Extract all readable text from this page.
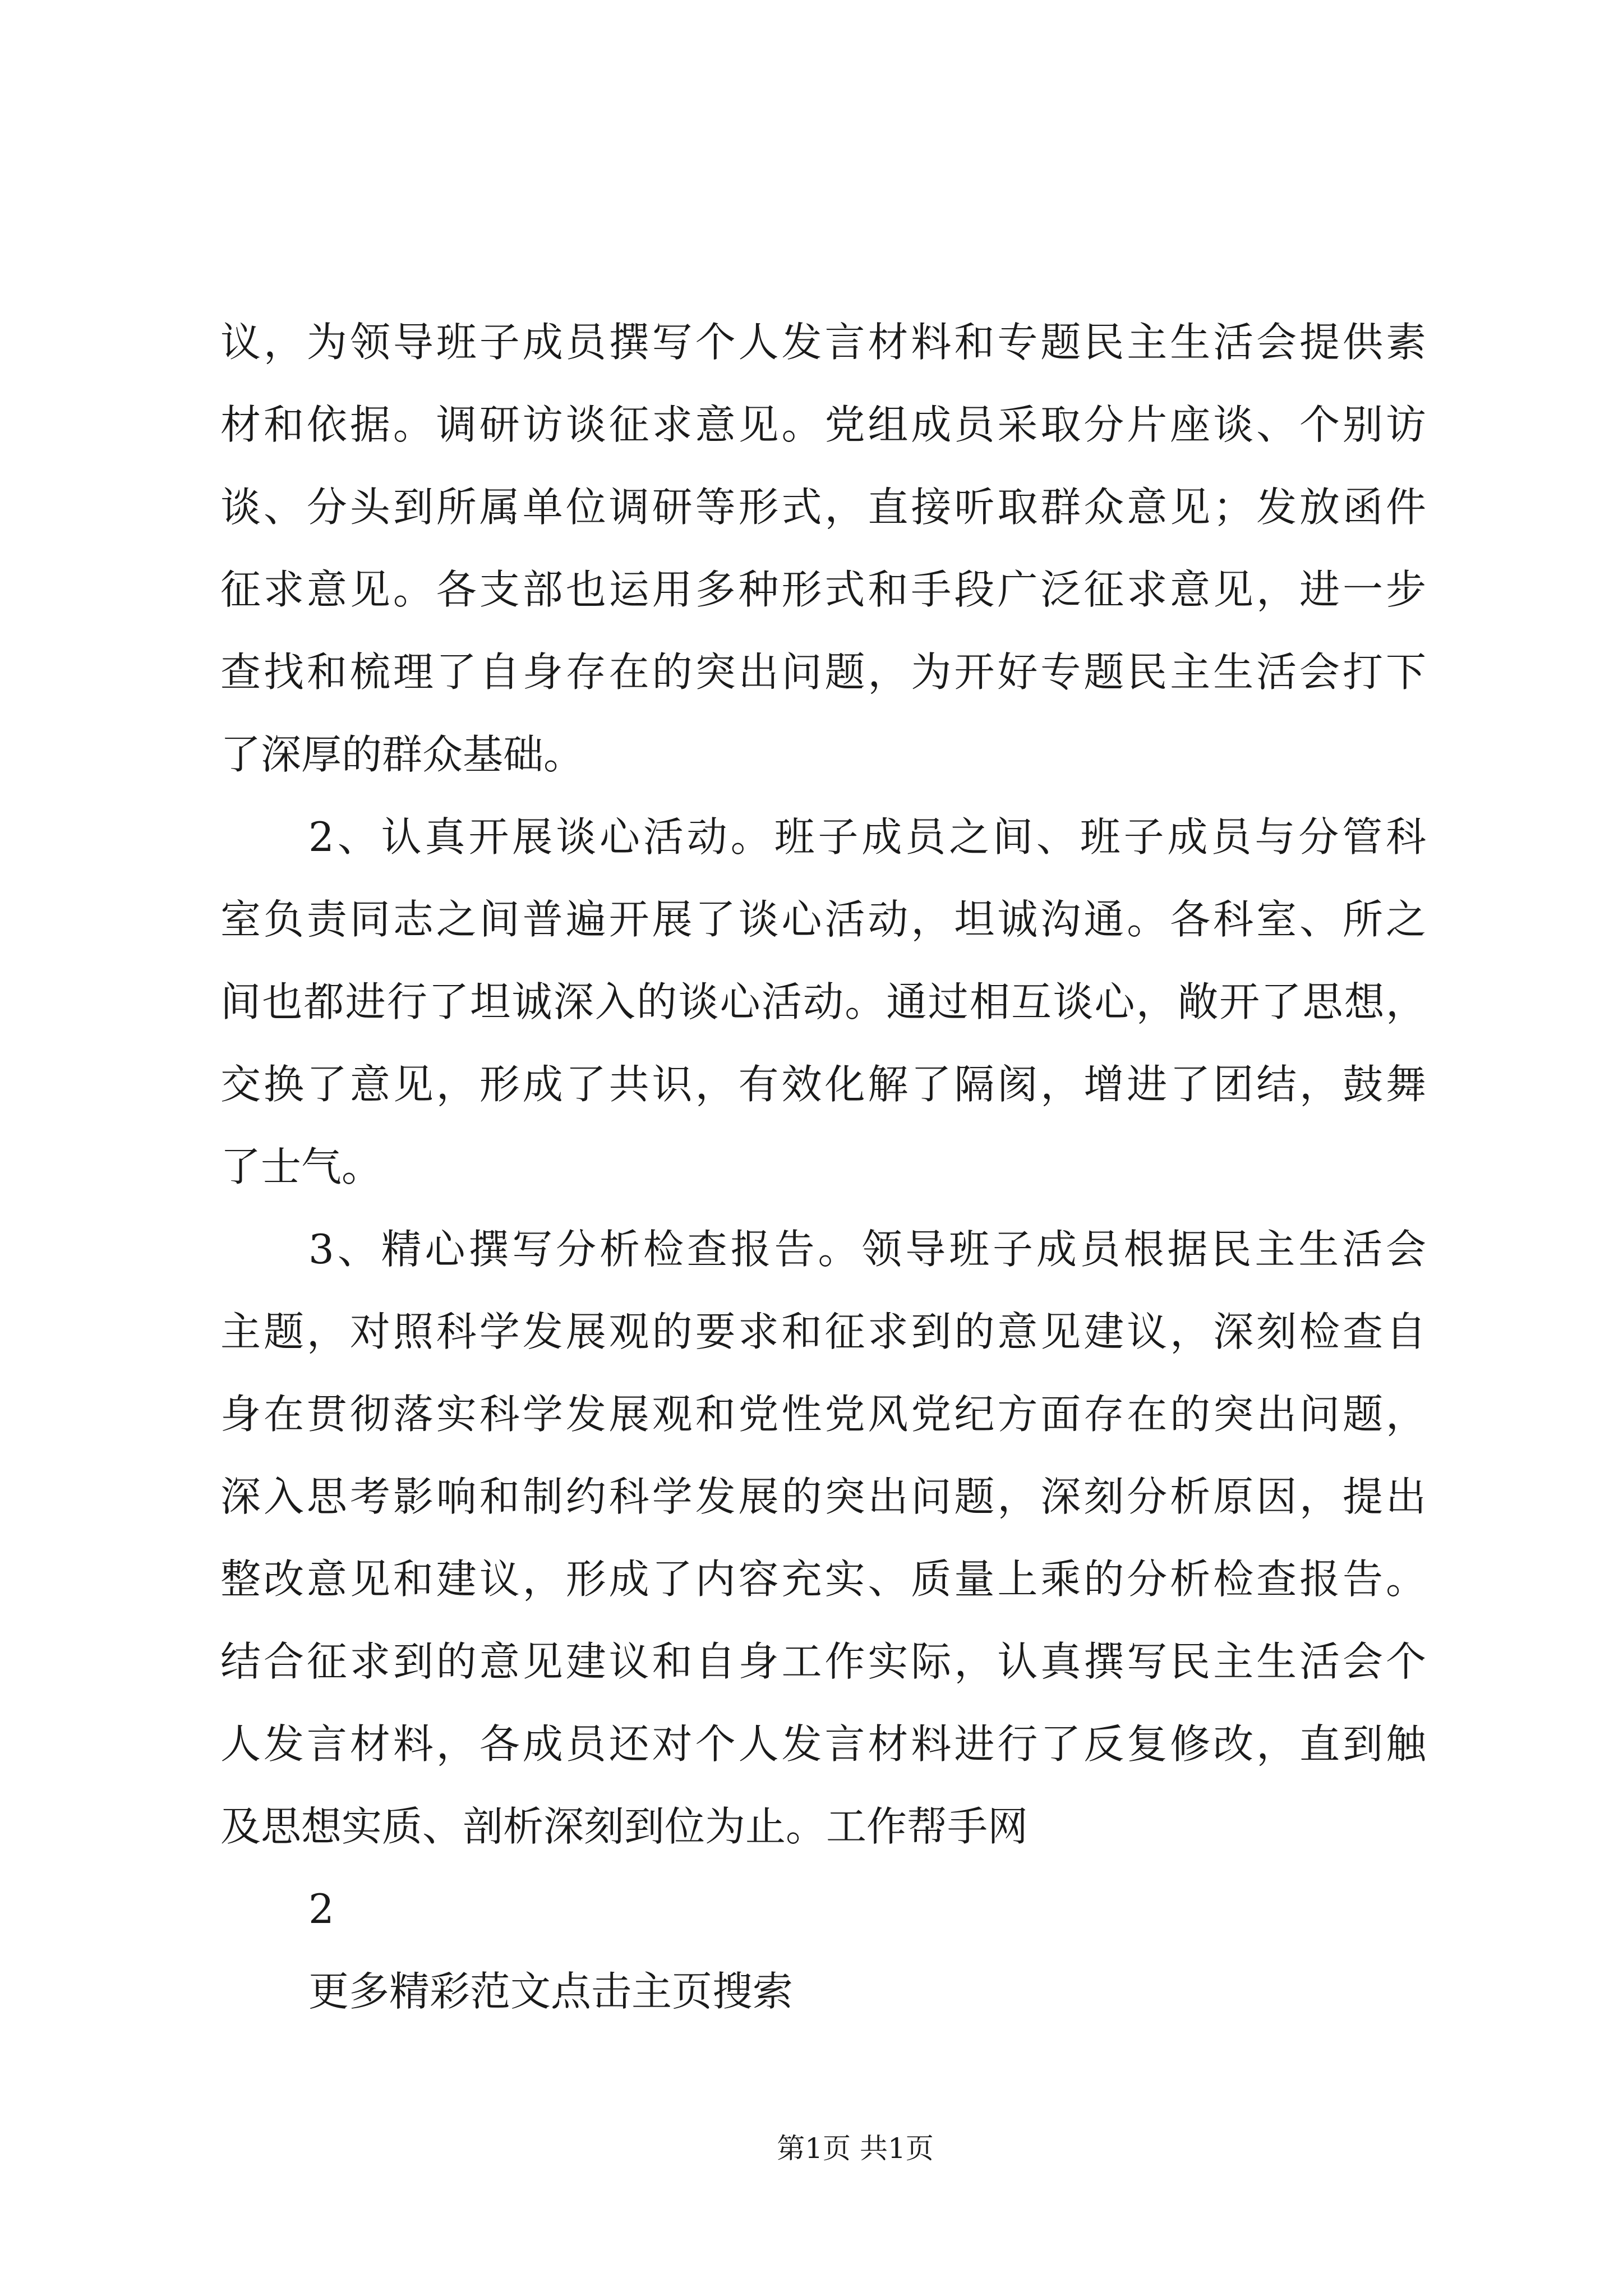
议，为领导班子成员撰写个人发言材料和专题民主生活会提供素
材和依据。调研访谈征求意见。党组成员采取分片座谈、个别访
谈、分头到所属单位调研等形式，直接听取群众意见；发放函件
征求意见。各支部也运用多种形式和手段广泛征求意见，进一步
查找和梳理了自身存在的突出问题，为开好专题民主生活会打下
了深厚的群众基础。
2、认真开展谈心活动。班子成员之间、班子成员与分管科
室负责同志之间普遍开展了谈心活动，坦诚沟通。各科室、所之
间也都进行了坦诚深入的谈心活动。通过相互谈心，敞开了思想，
交换了意见，形成了共识，有效化解了隔阂，增进了团结，鼓舞
了士气。
3、精心撰写分析检查报告。领导班子成员根据民主生活会
主题，对照科学发展观的要求和征求到的意见建议，深刻检查自
身在贯彻落实科学发展观和党性党风党纪方面存在的突出问题，
深入思考影响和制约科学发展的突出问题，深刻分析原因，提出
整改意见和建议，形成了内容充实、质量上乘的分析检查报告。
结合征求到的意见建议和自身工作实际，认真撰写民主生活会个
人发言材料，各成员还对个人发言材料进行了反复修改，直到触
及思想实质、剖析深刻到位为止。工作帮手网
2
更多精彩范文点击主页搜索
第1页 共1页
